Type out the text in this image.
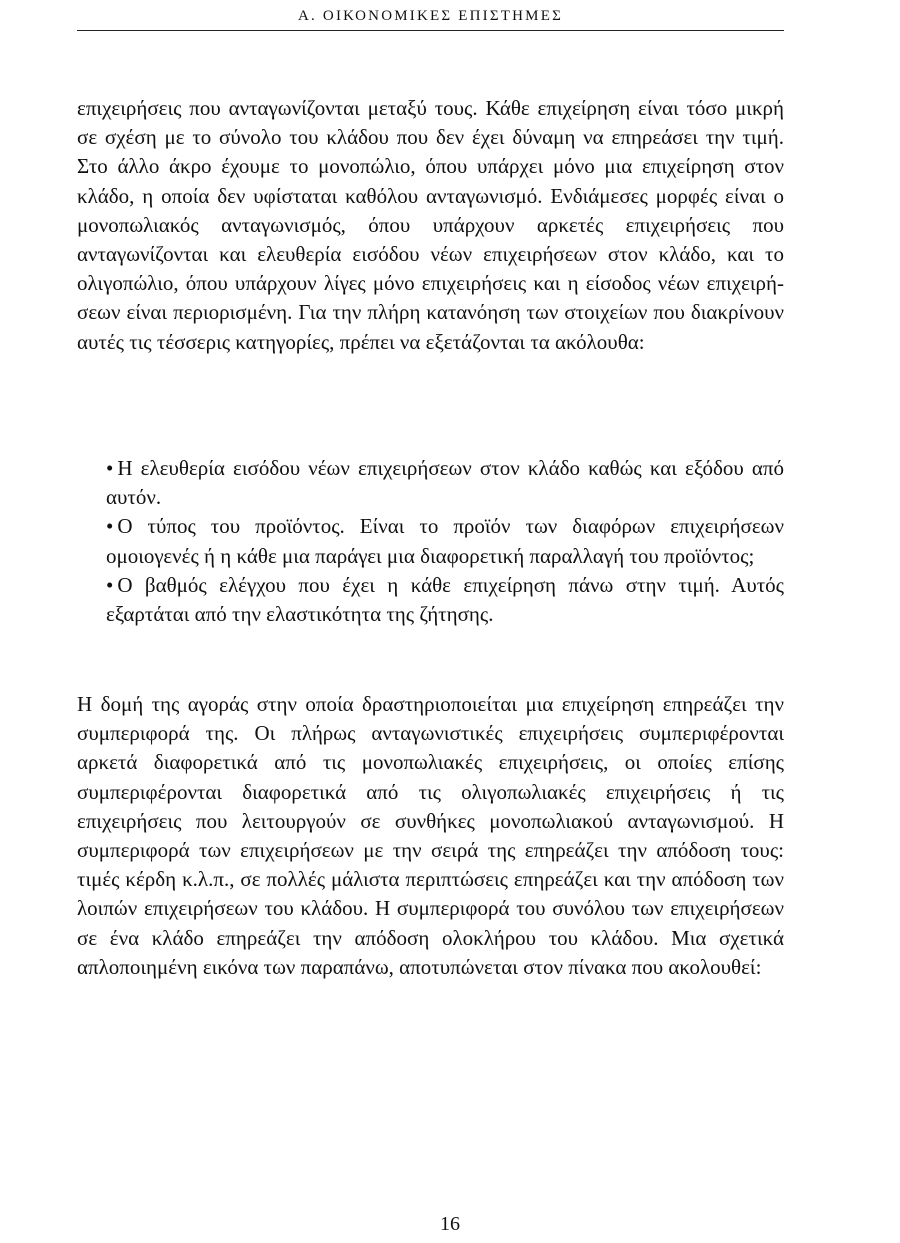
Α. ΟΙΚΟΝΟΜΙΚΕΣ ΕΠΙΣΤΗΜΕΣ

επιχειρήσεις που ανταγωνίζονται μεταξύ τους. Κάθε επιχείρηση είναι τόσο μικρή σε σχέση με το σύνολο του κλάδου που δεν έχει δύναμη να επηρεάσει την τιμή. Στο άλλο άκρο έχουμε το μονοπώλιο, όπου υπάρχει μόνο μια επιχείρηση στον κλάδο, η οποία δεν υφίσταται καθόλου ανταγωνισμό. Ενδιάμεσες μορφές είναι ο μονοπωλιακός ανταγωνισμός, όπου υπάρχουν αρκετές επιχειρήσεις που ανταγωνίζονται και ελευθερία εισόδου νέων επιχειρήσεων στον κλάδο, και το ολιγοπώλιο, όπου υπάρχουν λίγες μόνο επιχειρήσεις και η είσοδος νέων επιχειρήσεων είναι περιορισμένη. Για την πλήρη κατανόηση των στοιχείων που διακρίνουν αυτές τις τέσσερις κατηγορίες, πρέπει να εξετάζονται τα ακόλουθα:

• Η ελευθερία εισόδου νέων επιχειρήσεων στον κλάδο καθώς και εξόδου από αυτόν.
• Ο τύπος του προϊόντος. Είναι το προϊόν των διαφόρων επιχειρήσεων ομοιογενές ή η κάθε μια παράγει μια διαφορετική παραλλαγή του προϊόντος;
• Ο βαθμός ελέγχου που έχει η κάθε επιχείρηση πάνω στην τιμή. Αυτός εξαρτάται από την ελαστικότητα της ζήτησης.

Η δομή της αγοράς στην οποία δραστηριοποιείται μια επιχείρηση επηρεάζει την συμπεριφορά της. Οι πλήρως ανταγωνιστικές επιχειρήσεις συμπεριφέρονται αρκετά διαφορετικά από τις μονοπωλιακές επιχειρήσεις, οι οποίες επίσης συμπεριφέρονται διαφορετικά από τις ολιγοπωλιακές επιχειρήσεις ή τις επιχειρήσεις που λειτουργούν σε συνθήκες μονοπωλιακού ανταγωνισμού. Η συμπεριφορά των επιχειρήσεων με την σειρά της επηρεάζει την απόδοση τους: τιμές κέρδη κ.λ.π., σε πολλές μάλιστα περιπτώσεις επηρεάζει και την απόδοση των λοιπών επιχειρήσεων του κλάδου. Η συμπεριφορά του συνόλου των επιχειρήσεων σε ένα κλάδο επηρεάζει την απόδοση ολοκλήρου του κλάδου. Μια σχετικά απλοποιημένη εικόνα των παραπάνω, αποτυπώνεται στον πίνακα που ακολουθεί:

16
